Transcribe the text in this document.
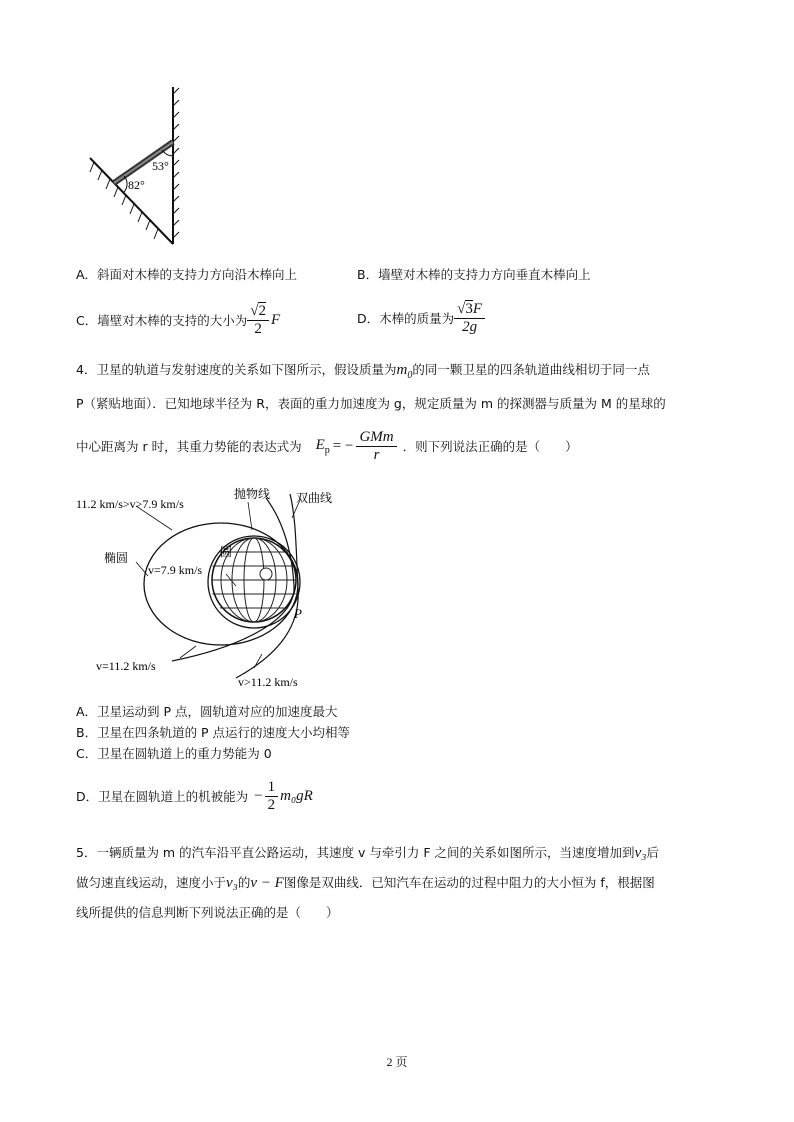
53°
82°
A．斜面对木棒的支持力方向沿木棒向上	B．墙壁对木棒的支持力方向垂直木棒向上
C．墙壁对木棒的支持的大小为 $\frac{√2}{2}$ F	D．木棒的质量为 $\frac{√3F}{2g}$
4．卫星的轨道与发射速度的关系如下图所示，假设质量为$m_0$的同一颗卫星的四条轨道曲线相切于同一点
P（紧贴地面）．已知地球半径为 R，表面的重力加速度为 g，规定质量为 m 的探测器与质量为 M 的星球的
中心距离为 r 时，其重力势能的表达式为 $E_p$ = − $\frac{\text{GMm}}{r}$ ．则下列说法正确的是（　　）
11.2 km/s>v>7.9 km/s
抛物线 双曲线
椭圆	圆
v=7.9 km/s
P
v=11.2 km/s
v>11.2 km/s
A．卫星运动到 P 点，圆轨道对应的加速度最大
B．卫星在四条轨道的 P 点运行的速度大小均相等
C．卫星在圆轨道上的重力势能为 0
D．卫星在圆轨道上的机被能为 − $\frac{1}{2} m_0gR$
5．一辆质量为 m 的汽车沿平直公路运动，其速度 v 与牵引力 F 之间的关系如图所示，当速度增加到v₃后
做匀速直线运动，速度小于v₃的v − F图像是双曲线．已知汽车在运动的过程中阻力的大小恒为 f，根据图
线所提供的信息判断下列说法正确的是（　　）
2 页
